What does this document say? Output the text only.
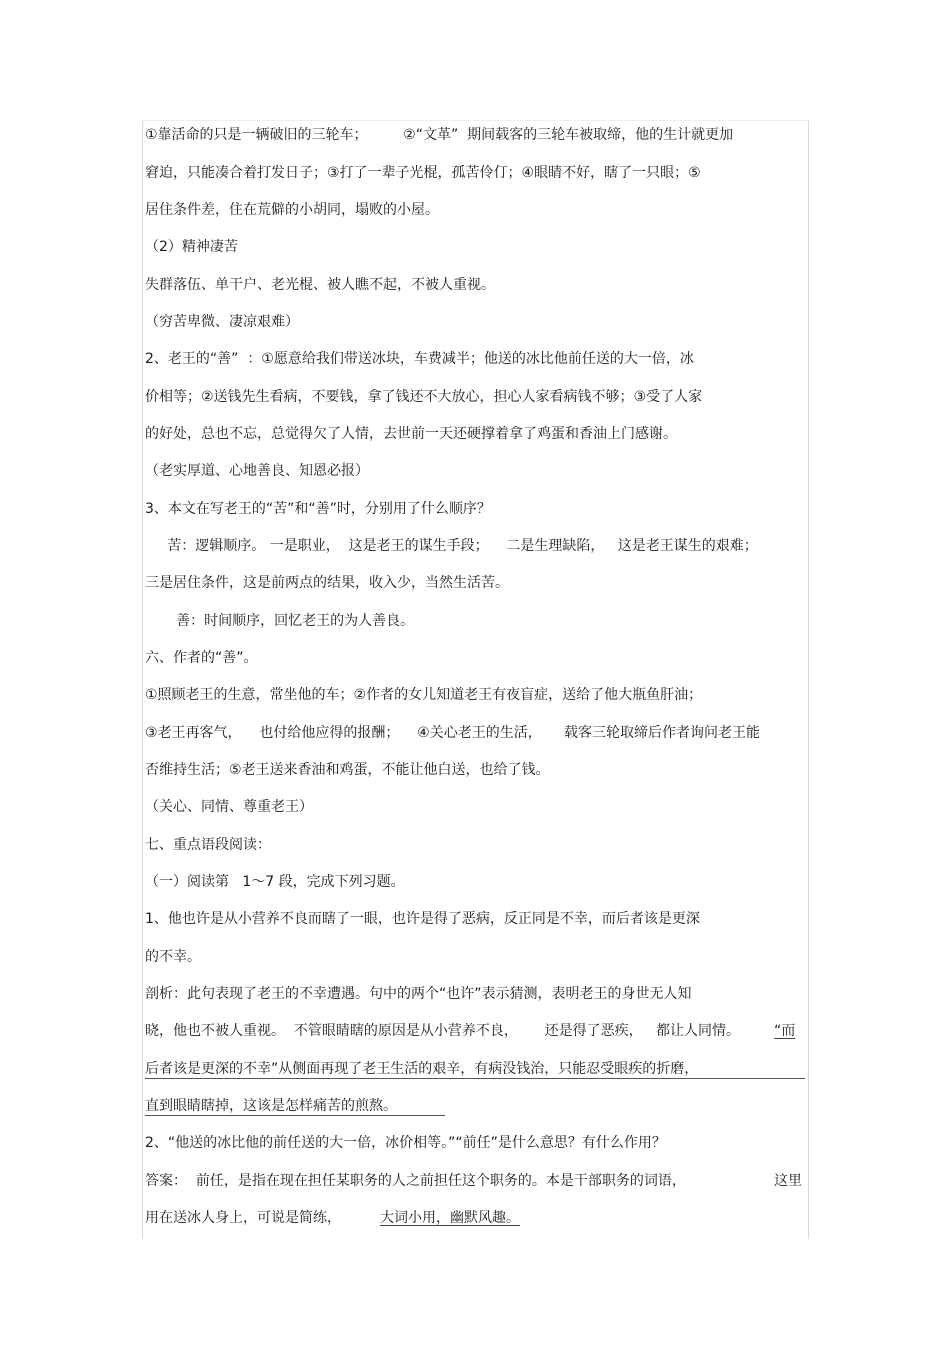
①靠活命的只是一辆破旧的三轮车；        ②“文革”  期间载客的三轮车被取缔，他的生计就更加
窘迫，只能凑合着打发日子；③打了一辈子光棍，孤苦伶仃；④眼睛不好，瞎了一只眼；⑤
居住条件差，住在荒僻的小胡同，塌败的小屋。
（2）精神凄苦
失群落伍、单干户、老光棍、被人瞧不起，不被人重视。
（穷苦卑微、凄凉艰难）
2、老王的“善”  ：①愿意给我们带送冰块，车费减半；他送的冰比他前任送的大一倍，冰
价相等；②送钱先生看病，不要钱，拿了钱还不大放心，担心人家看病钱不够；③受了人家
的好处，总也不忘，总觉得欠了人情，去世前一天还硬撑着拿了鸡蛋和香油上门感谢。
（老实厚道、心地善良、知恩必报）
3、本文在写老王的“苦”和“善”时，分别用了什么顺序？
苦：逻辑顺序。 一是职业，  这是老王的谋生手段；    二是生理缺陷，   这是老王谋生的艰难；
三是居住条件，这是前两点的结果，收入少，当然生活苦。
善：时间顺序，回忆老王的为人善良。
六、作者的“善”。
①照顾老王的生意，常坐他的车；②作者的女儿知道老王有夜盲症，送给了他大瓶鱼肝油；
③老王再客气，    也付给他应得的报酬；    ④关心老王的生活，     载客三轮取缔后作者询问老王能
否维持生活；⑤老王送来香油和鸡蛋，不能让他白送，也给了钱。
（关心、同情、尊重老王）
七、重点语段阅读：
（一）阅读第   1～7 段，完成下列习题。
1、他也许是从小营养不良而瞎了一眼，也许是得了恶病，反正同是不幸，而后者该是更深
的不幸。
剖析：此句表现了老王的不幸遭遇。句中的两个“也许”表示猜测，表明老王的身世无人知
晓，他也不被人重视。  不管眼睛瞎的原因是从小营养不良，      还是得了恶疾，   都让人同情。 “而
后者该是更深的不幸”从侧面再现了老王生活的艰辛，有病没钱治，只能忍受眼疾的折磨，
直到眼睛瞎掉，这该是怎样痛苦的煎熬。
2、“他送的冰比他的前任送的大一倍，冰价相等。”“前任”是什么意思？有什么作用？
答案：  前任，是指在现在担任某职务的人之前担任这个职务的。本是干部职务的词语，	这里
用在送冰人身上，可说是简练，	大词小用，幽默风趣。
